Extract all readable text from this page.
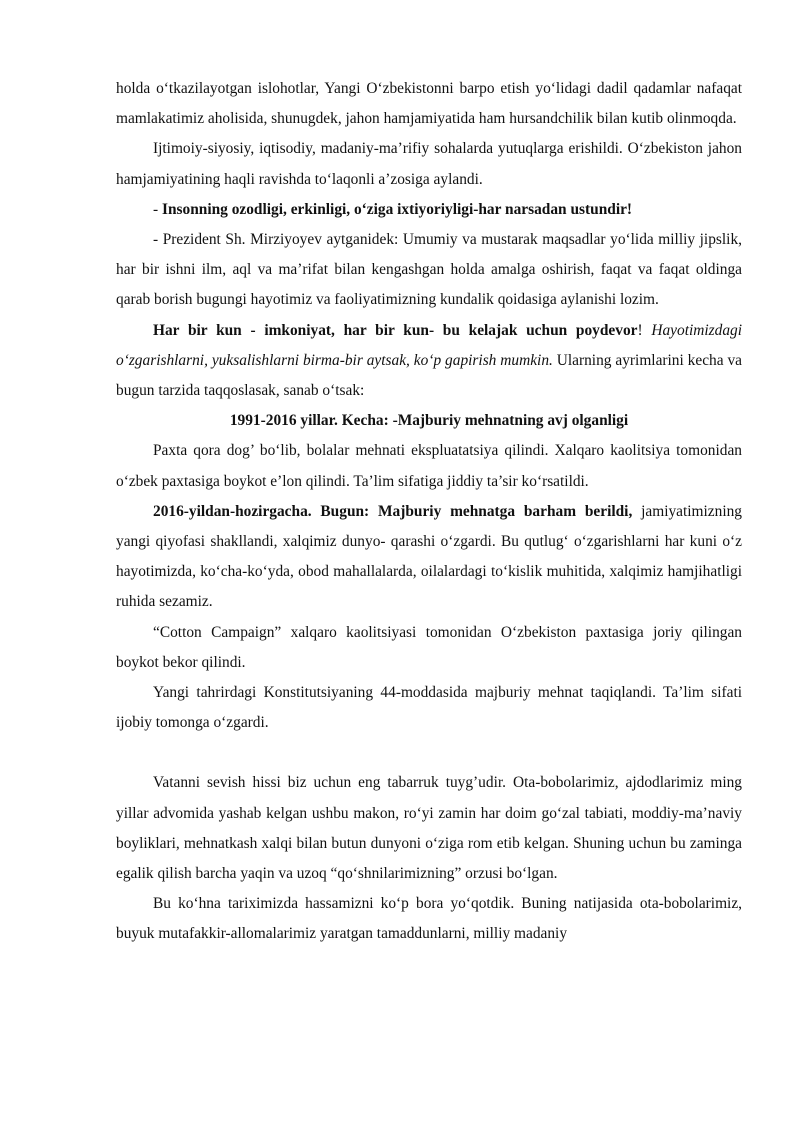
holda o‘tkazilayotgan islohotlar, Yangi O‘zbekistonni barpo etish yo‘lidagi dadil qadamlar nafaqat mamlakatimiz aholisida, shunugdek, jahon hamjamiyatida ham hursandchilik bilan kutib olinmoqda.

Ijtimoiy-siyosiy, iqtisodiy, madaniy-ma’rifiy sohalarda yutuqlarga erishildi. O‘zbekiston jahon hamjamiyatining haqli ravishda to‘laqonli a’zosiga aylandi.

- Insonning ozodligi, erkinligi, o‘ziga ixtiyoriyligi-har narsadan ustundir!

- Prezident Sh. Mirziyoyev aytganidek: Umumiy va mustarak maqsadlar yo‘lida milliy jipslik, har bir ishni ilm, aql va ma’rifat bilan kengashgan holda amalga oshirish, faqat va faqat oldinga qarab borish bugungi hayotimiz va faoliyatimizning kundalik qoidasiga aylanishi lozim.

Har bir kun - imkoniyat, har bir kun- bu kelajak uchun poydevor! Hayotimizdagi o‘zgarishlarni, yuksalishlarni birma-bir aytsak, ko‘p gapirish mumkin. Ularning ayrimlarini kecha va bugun tarzida taqqoslasak, sanab o‘tsak:

1991-2016 yillar. Kecha: -Majburiy mehnatning avj olganligi

Paxta qora dog’ bo‘lib, bolalar mehnati ekspluatatsiya qilindi. Xalqaro kaolitsiya tomonidan o‘zbek paxtasiga boykot e’lon qilindi. Ta’lim sifatiga jiddiy ta’sir ko‘rsatildi.

2016-yildan-hozirgacha. Bugun: Majburiy mehnatga barham berildi, jamiyatimizning yangi qiyofasi shakllandi, xalqimiz dunyo- qarashi o‘zgardi. Bu qutlug‘ o‘zgarishlarni har kuni o‘z hayotimizda, ko‘cha-ko‘yda, obod mahallalarda, oilalardagi to‘kislik muhitida, xalqimiz hamjihatligi ruhida sezamiz.

“Cotton Campaign” xalqaro kaolitsiyasi tomonidan O‘zbekiston paxtasiga joriy qilingan boykot bekor qilindi.

Yangi tahrirdagi Konstitutsiyaning 44-moddasida majburiy mehnat taqiqlandi. Ta’lim sifati ijobiy tomonga o‘zgardi.

Vatanni sevish hissi biz uchun eng tabarruk tuyg’udir. Ota-bobolarimiz, ajdodlarimiz ming yillar advomida yashab kelgan ushbu makon, ro‘yi zamin har doim go‘zal tabiati, moddiy-ma’naviy boyliklari, mehnatkash xalqi bilan butun dunyoni o‘ziga rom etib kelgan. Shuning uchun bu zaminga egalik qilish barcha yaqin va uzoq “qo‘shnilarimizning” orzusi bo‘lgan.

Bu ko‘hna tariximizda hassamizni ko‘p bora yo‘qotdik. Buning natijasida ota-bobolarimiz, buyuk mutafakkir-allomalarimiz yaratgan tamaddunlarni, milliy madaniy
